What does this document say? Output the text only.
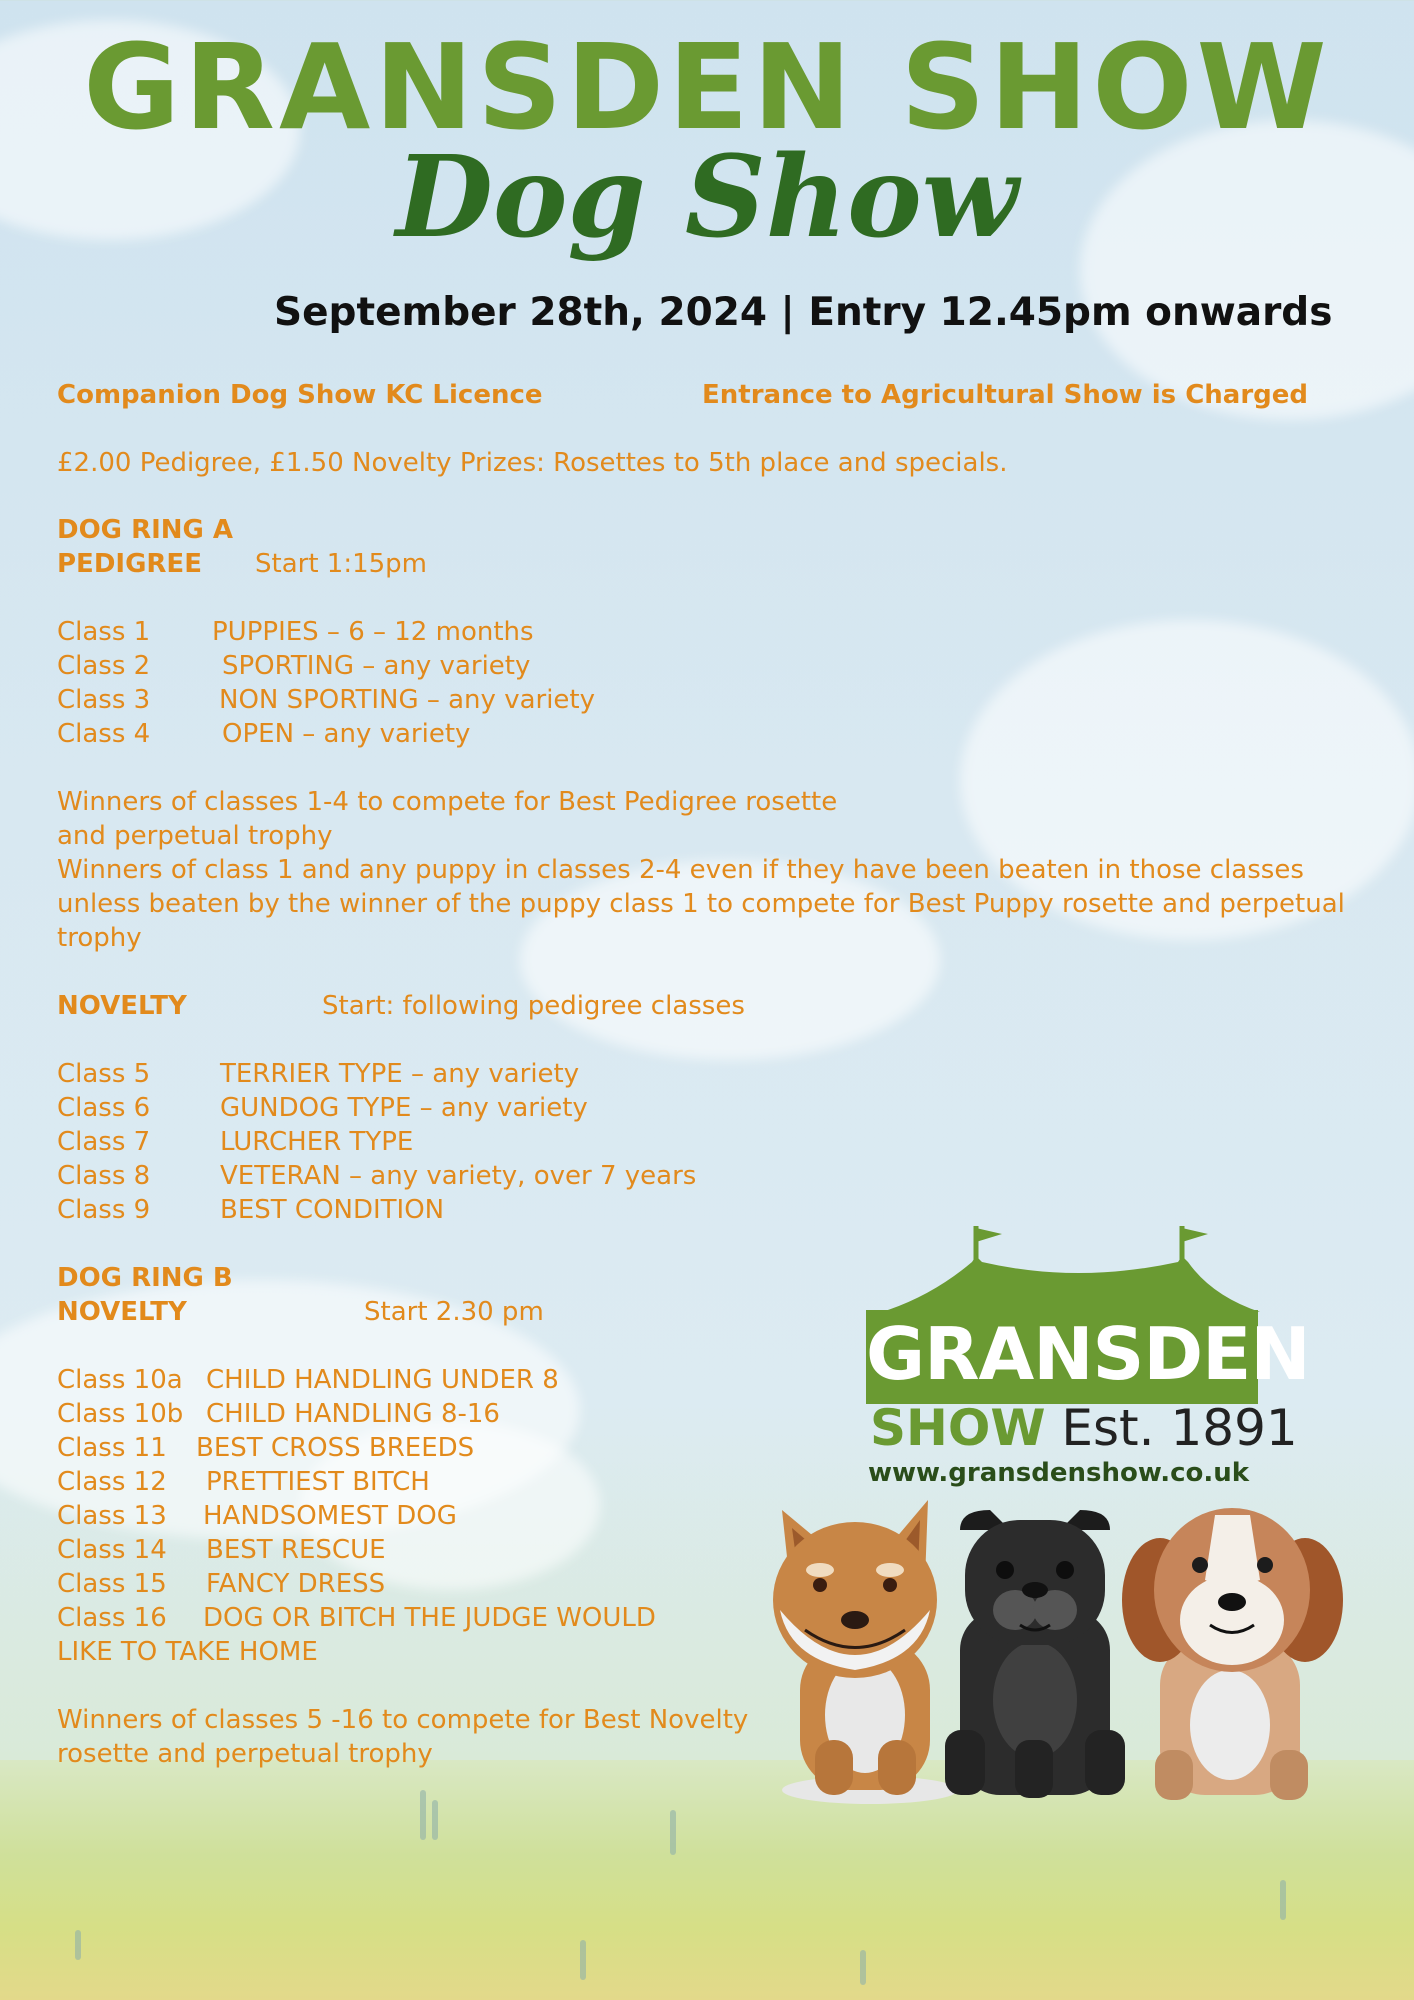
GRANSDEN SHOW
Dog Show
September 28th, 2024 | Entry 12.45pm onwards
Companion Dog Show KC Licence	Entrance to Agricultural Show is Charged
£2.00 Pedigree, £1.50 Novelty Prizes: Rosettes to 5th place and specials.
DOG RING A
PEDIGREE Start 1:15pm
Class 1 PUPPIES – 6 – 12 months
Class 2	SPORTING – any variety
Class 3	NON SPORTING – any variety
Class 4	OPEN – any variety
Winners of classes 1-4 to compete for Best Pedigree rosette
and perpetual trophy
Winners of class 1 and any puppy in classes 2-4 even if they have been beaten in those classes
unless beaten by the winner of the puppy class 1 to compete for Best Puppy rosette and perpetual
trophy
NOVELTY	Start: following pedigree classes
Class 5	TERRIER TYPE – any variety
Class 6	GUNDOG TYPE – any variety
Class 7	LURCHER TYPE
Class 8	VETERAN – any variety, over 7 years
Class 9	BEST CONDITION
DOG RING B
NOVELTY	Start 2.30 pm
Class 10a CHILD HANDLING UNDER 8
Class 10b CHILD HANDLING 8-16
Class 11 BEST CROSS BREEDS
Class 12 PRETTIEST BITCH
Class 13 HANDSOMEST DOG
Class 14 BEST RESCUE
Class 15 FANCY DRESS
Class 16 DOG OR BITCH THE JUDGE WOULD
LIKE TO TAKE HOME
Winners of classes 5 -16 to compete for Best Novelty
rosette and perpetual trophy
GRANSDEN
SHOW Est. 1891
www.gransdenshow.co.uk
